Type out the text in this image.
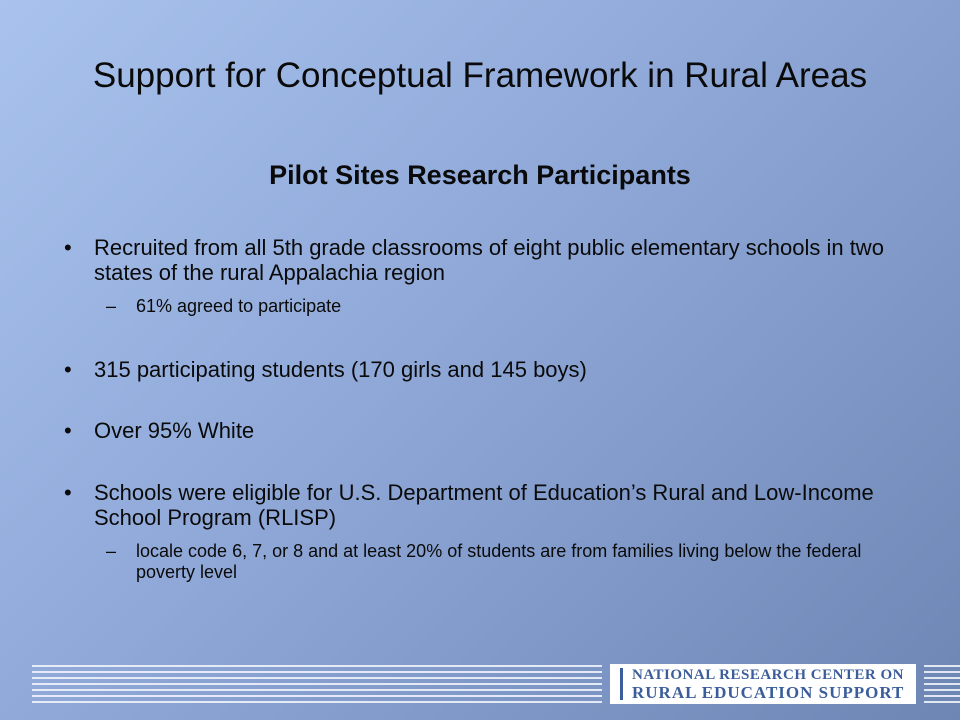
Support for Conceptual Framework in Rural Areas
Pilot Sites Research Participants
• Recruited from all 5th grade classrooms of eight public elementary schools in two states of the rural Appalachia region
– 61% agreed to participate
• 315 participating students (170 girls and 145 boys)
• Over 95% White
• Schools were eligible for U.S. Department of Education’s Rural and Low-Income School Program (RLISP)
– locale code 6, 7, or 8 and at least 20% of students are from families living below the federal poverty level
NATIONAL RESEARCH CENTER ON
RURAL EDUCATION SUPPORT
